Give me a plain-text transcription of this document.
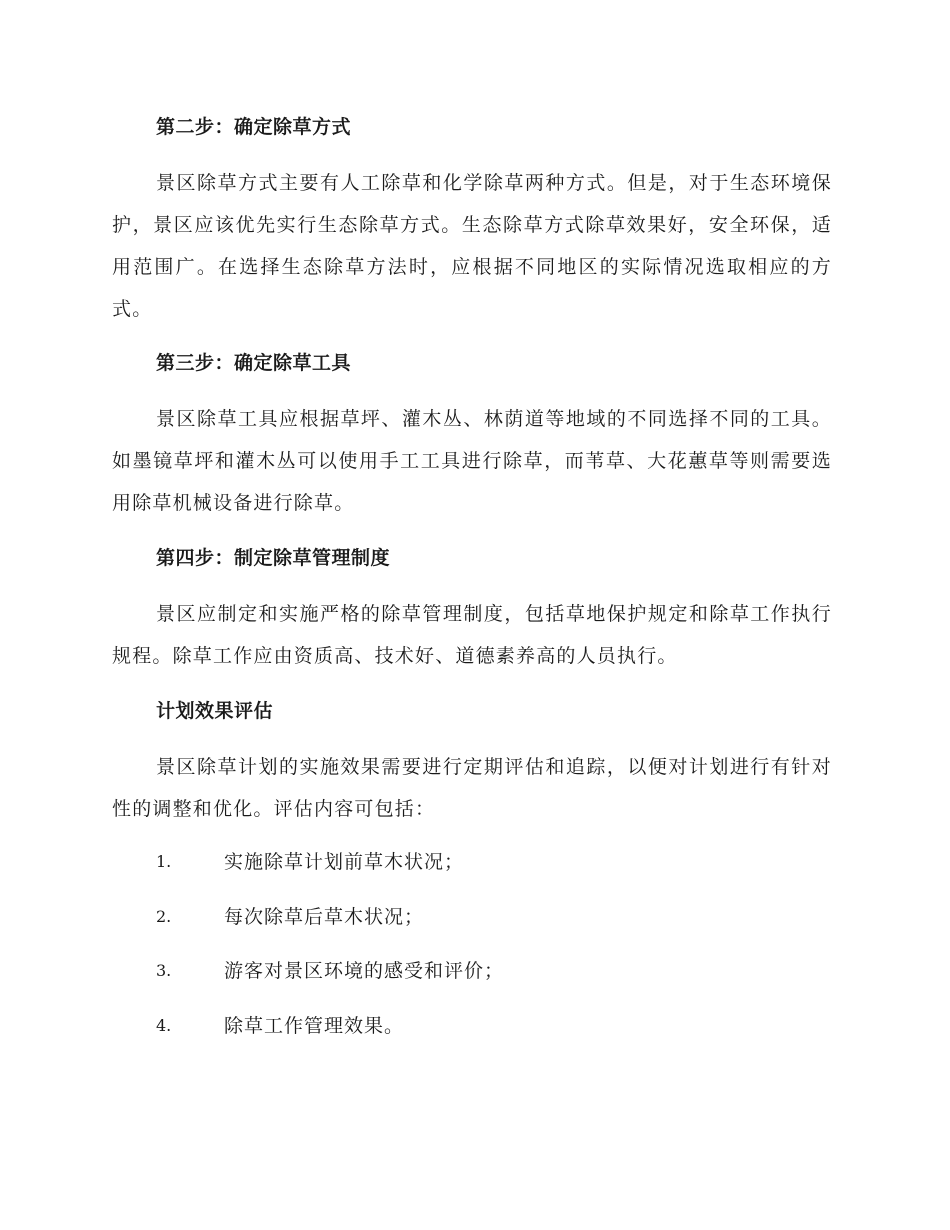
第二步：确定除草方式
景区除草方式主要有人工除草和化学除草两种方式。但是，对于生态环境保护，景区应该优先实行生态除草方式。生态除草方式除草效果好，安全环保，适用范围广。在选择生态除草方法时，应根据不同地区的实际情况选取相应的方式。
第三步：确定除草工具
景区除草工具应根据草坪、灌木丛、林荫道等地域的不同选择不同的工具。如墨镜草坪和灌木丛可以使用手工工具进行除草，而苇草、大花蕙草等则需要选用除草机械设备进行除草。
第四步：制定除草管理制度
景区应制定和实施严格的除草管理制度，包括草地保护规定和除草工作执行规程。除草工作应由资质高、技术好、道德素养高的人员执行。
计划效果评估
景区除草计划的实施效果需要进行定期评估和追踪，以便对计划进行有针对性的调整和优化。评估内容可包括：
1.	实施除草计划前草木状况；
2.	每次除草后草木状况；
3.	游客对景区环境的感受和评价；
4.	除草工作管理效果。
